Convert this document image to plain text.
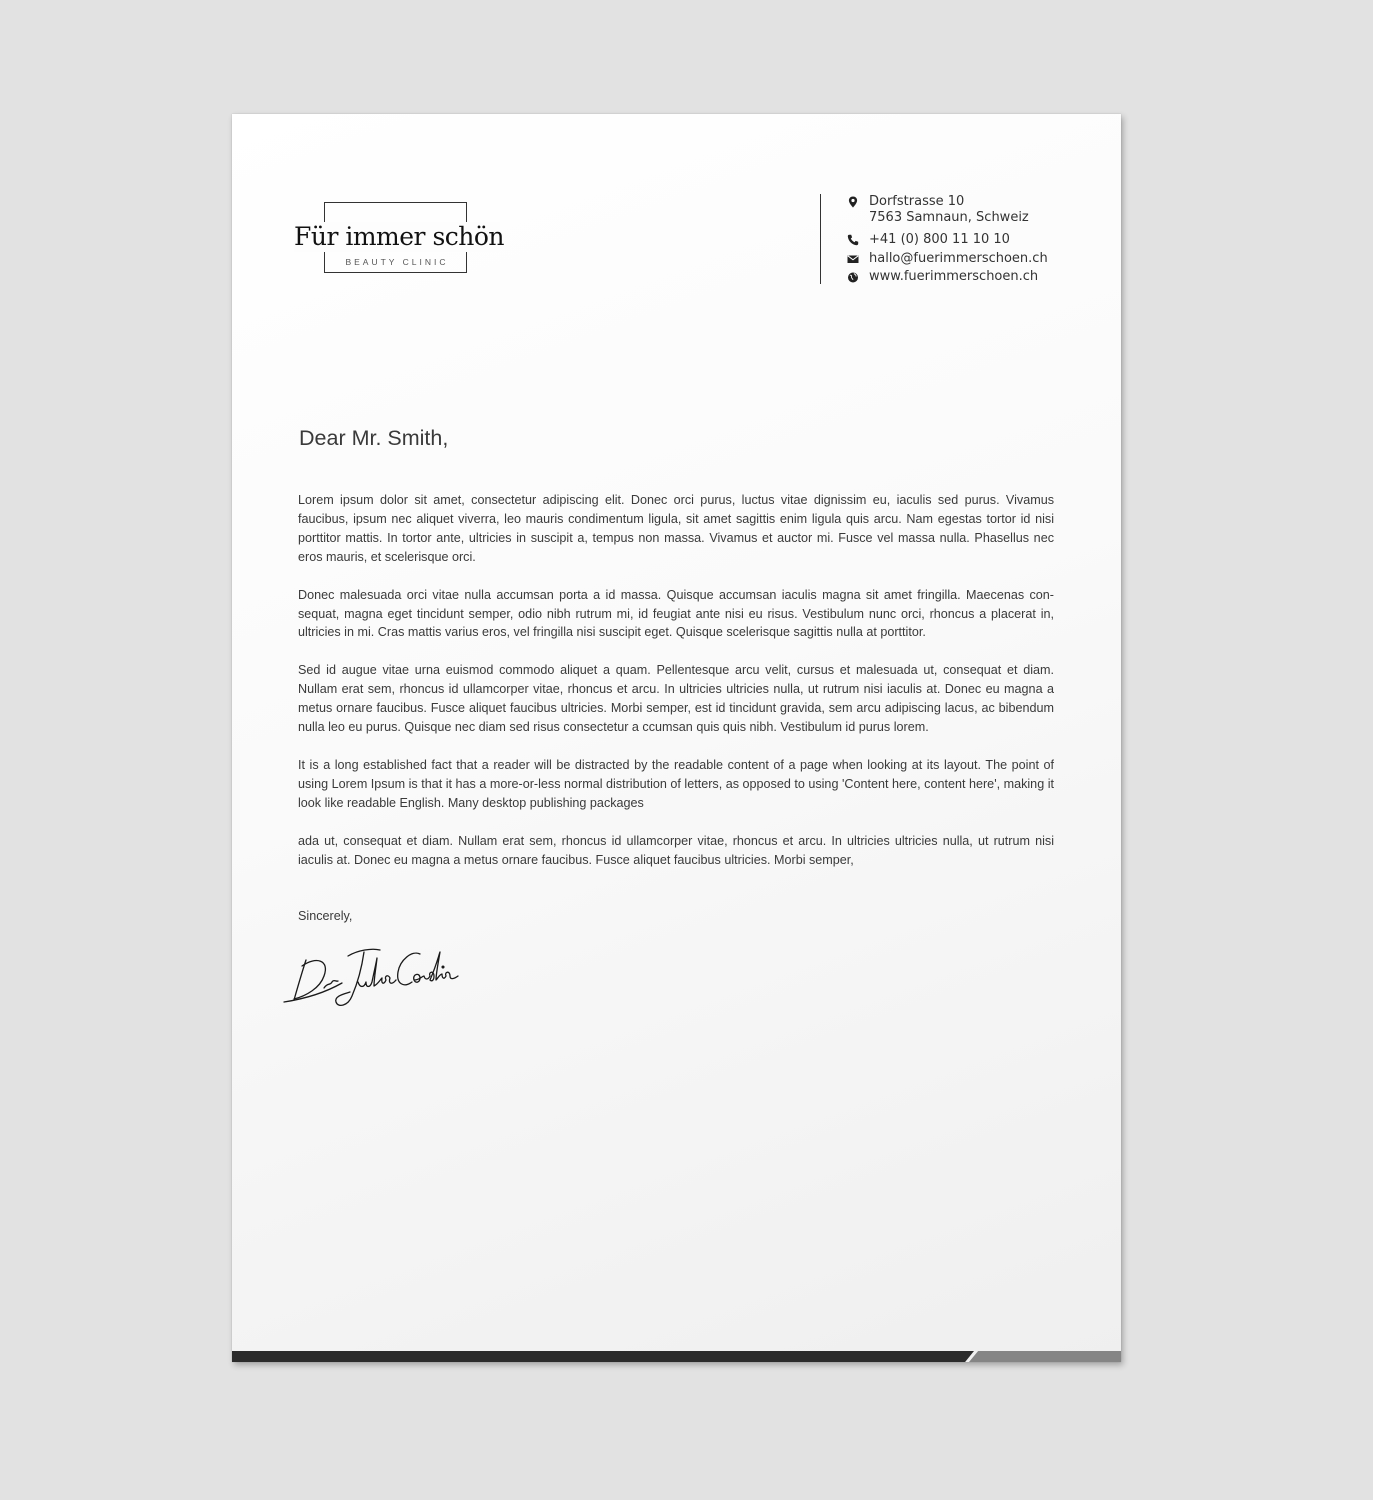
Für immer schön
BEAUTY CLINIC
Dorfstrasse 10
7563 Samnaun, Schweiz
+41 (0) 800 11 10 10
hallo@fuerimmerschoen.ch
www.fuerimmerschoen.ch
Dear Mr. Smith,

Lorem ipsum dolor sit amet, consectetur adipiscing elit. Donec orci purus, luctus vitae dignissim eu, iaculis sed purus. Vivamus faucibus, ipsum nec aliquet viverra, leo mauris condimentum ligula, sit amet sagittis enim ligula quis arcu. Nam egestas tortor id nisi porttitor mattis. In tortor ante, ultricies in suscipit a, tempus non massa. Vivamus et auctor mi. Fusce vel massa nulla. Phasellus nec eros mauris, et scelerisque orci.

Donec malesuada orci vitae nulla accumsan porta a id massa. Quisque accumsan iaculis magna sit amet fringilla. Maecenas con-sequat, magna eget tincidunt semper, odio nibh rutrum mi, id feugiat ante nisi eu risus. Vestibulum nunc orci, rhoncus a placerat in, ultricies in mi. Cras mattis varius eros, vel fringilla nisi suscipit eget. Quisque scelerisque sagittis nulla at porttitor.

Sed id augue vitae urna euismod commodo aliquet a quam. Pellentesque arcu velit, cursus et malesuada ut, consequat et diam. Nullam erat sem, rhoncus id ullamcorper vitae, rhoncus et arcu. In ultricies ultricies nulla, ut rutrum nisi iaculis at. Donec eu magna a metus ornare faucibus. Fusce aliquet faucibus ultricies. Morbi semper, est id tincidunt gravida, sem arcu adipiscing lacus, ac bibendum nulla leo eu purus. Quisque nec diam sed risus consectetur a ccumsan quis quis nibh. Vestibulum id purus lorem.

It is a long established fact that a reader will be distracted by the readable content of a page when looking at its layout. The point of using Lorem Ipsum is that it has a more-or-less normal distribution of letters, as opposed to using 'Content here, content here', making it look like readable English. Many desktop publishing packages

ada ut, consequat et diam. Nullam erat sem, rhoncus id ullamcorper vitae, rhoncus et arcu. In ultricies ultricies nulla, ut rutrum nisi iaculis at. Donec eu magna a metus ornare faucibus. Fusce aliquet faucibus ultricies. Morbi semper,

Sincerely,
